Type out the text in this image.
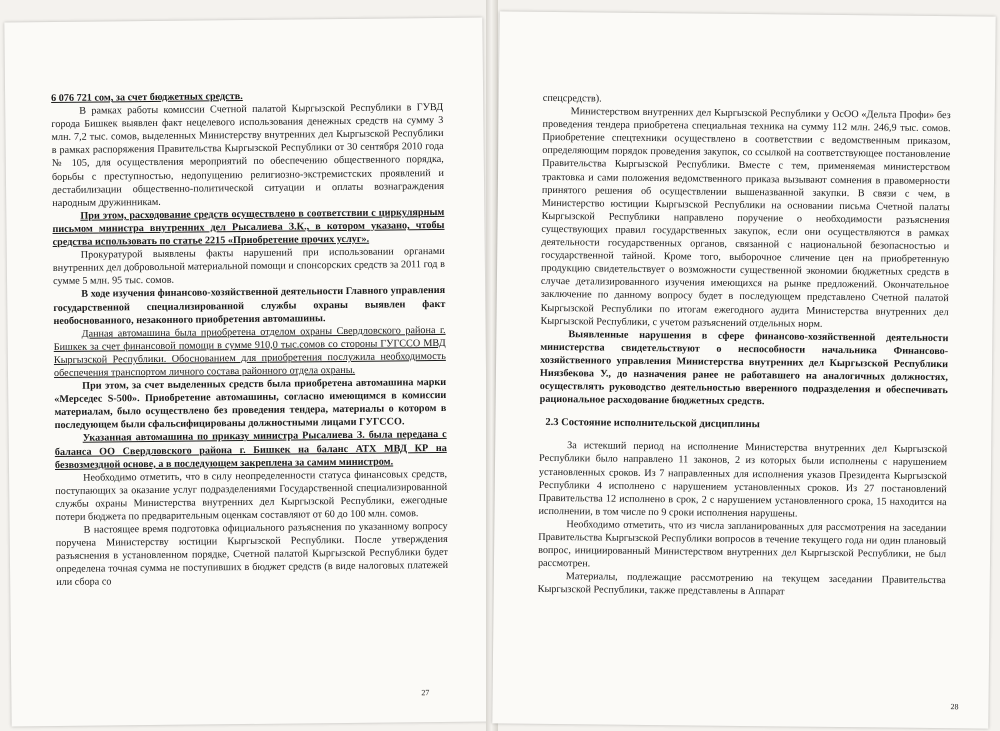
6 076 721 сом, за счет бюджетных средств.

В рамках работы комиссии Счетной палатой Кыргызской Республики в ГУВД города Бишкек выявлен факт нецелевого использования денежных средств на сумму 3 млн. 7,2 тыс. сомов, выделенных Министерству внутренних дел Кыргызской Республики в рамках распоряжения Правительства Кыргызской Республики от 30 сентября 2010 года № 105, для осуществления мероприятий по обеспечению общественного порядка, борьбы с преступностью, недопущению религиозно-экстремистских проявлений и дестабилизации общественно-политической ситуации и оплаты вознаграждения народным дружинникам.

При этом, расходование средств осуществлено в соответствии с циркулярным письмом министра внутренних дел Рысалиева З.К., в котором указано, чтобы средства использовать по статье 2215 «Приобретение прочих услуг».

Прокуратурой выявлены факты нарушений при использовании органами внутренних дел добровольной материальной помощи и спонсорских средств за 2011 год в сумме 5 млн. 95 тыс. сомов.

В ходе изучения финансово-хозяйственной деятельности Главного управления государственной специализированной службы охраны выявлен факт необоснованного, незаконного приобретения автомашины.

Данная автомашина была приобретена отделом охраны Свердловского района г. Бишкек за счет финансовой помощи в сумме 910,0 тыс.сомов со стороны ГУГССО МВД Кыргызской Республики. Обоснованием для приобретения послужила необходимость обеспечения транспортом личного состава районного отдела охраны.

При этом, за счет выделенных средств была приобретена автомашина марки «Мерседес S-500». Приобретение автомашины, согласно имеющимся в комиссии материалам, было осуществлено без проведения тендера, материалы о котором в последующем были сфальсифицированы должностными лицами ГУГССО.

Указанная автомашина по приказу министра Рысалиева З. была передана с баланса ОО Свердловского района г. Бишкек на баланс АТХ МВД КР на безвозмездной основе, а в последующем закреплена за самим министром.

Необходимо отметить, что в силу неопределенности статуса финансовых средств, поступающих за оказание услуг подразделениями Государственной специализированной службы охраны Министерства внутренних дел Кыргызской Республики, ежегодные потери бюджета по предварительным оценкам составляют от 60 до 100 млн. сомов.

В настоящее время подготовка официального разъяснения по указанному вопросу поручена Министерству юстиции Кыргызской Республики. После утверждения разъяснения в установленном порядке, Счетной палатой Кыргызской Республики будет определена точная сумма не поступивших в бюджет средств (в виде налоговых платежей или сбора со

27

спецсредств).

Министерством внутренних дел Кыргызской Республики у ОсОО «Дельта Профи» без проведения тендера приобретена специальная техника на сумму 112 млн. 246,9 тыс. сомов. Приобретение спецтехники осуществлено в соответствии с ведомственным приказом, определяющим порядок проведения закупок, со ссылкой на соответствующее постановление Правительства Кыргызской Республики. Вместе с тем, применяемая министерством трактовка и сами положения ведомственного приказа вызывают сомнения в правомерности принятого решения об осуществлении вышеназванной закупки. В связи с чем, в Министерство юстиции Кыргызской Республики на основании письма Счетной палаты Кыргызской Республики направлено поручение о необходимости разъяснения существующих правил государственных закупок, если они осуществляются в рамках деятельности государственных органов, связанной с национальной безопасностью и государственной тайной. Кроме того, выборочное сличение цен на приобретенную продукцию свидетельствует о возможности существенной экономии бюджетных средств в случае детализированного изучения имеющихся на рынке предложений. Окончательное заключение по данному вопросу будет в последующем представлено Счетной палатой Кыргызской Республики по итогам ежегодного аудита Министерства внутренних дел Кыргызской Республики, с учетом разъяснений отдельных норм.

Выявленные нарушения в сфере финансово-хозяйственной деятельности министерства свидетельствуют о неспособности начальника Финансово-хозяйственного управления Министерства внутренних дел Кыргызской Республики Ниязбекова У., до назначения ранее не работавшего на аналогичных должностях, осуществлять руководство деятельностью вверенного подразделения и обеспечивать рациональное расходование бюджетных средств.

2.3 Состояние исполнительской дисциплины

За истекший период на исполнение Министерства внутренних дел Кыргызской Республики было направлено 11 законов, 2 из которых были исполнены с нарушением установленных сроков. Из 7 направленных для исполнения указов Президента Кыргызской Республики 4 исполнено с нарушением установленных сроков. Из 27 постановлений Правительства 12 исполнено в срок, 2 с нарушением установленного срока, 15 находится на исполнении, в том числе по 9 сроки исполнения нарушены.

Необходимо отметить, что из числа запланированных для рассмотрения на заседании Правительства Кыргызской Республики вопросов в течение текущего года ни один плановый вопрос, инициированный Министерством внутренних дел Кыргызской Республики, не был рассмотрен.

Материалы, подлежащие рассмотрению на текущем заседании Правительства Кыргызской Республики, также представлены в Аппарат

28
